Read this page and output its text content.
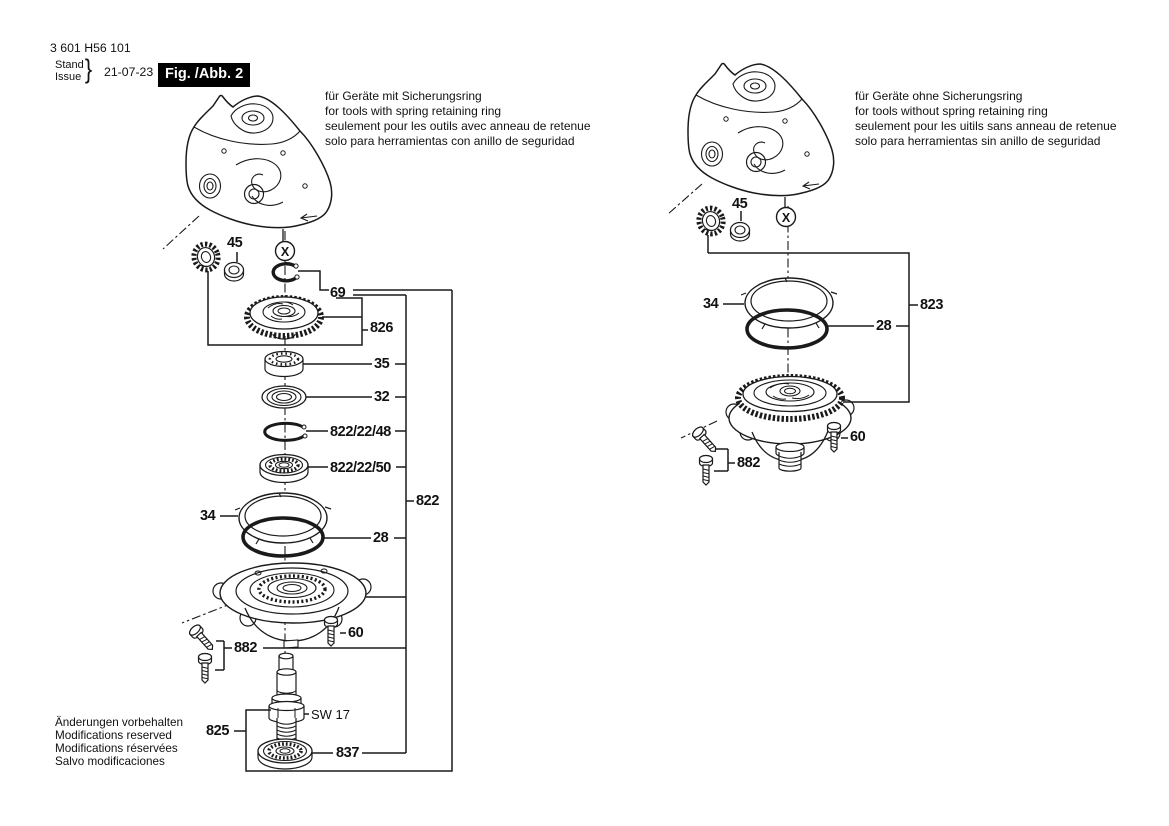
3 601 H56 101
Stand
Issue } 21-07-23 Fig. /Abb. 2
für Geräte mit Sicherungsring
for tools with spring retaining ring
seulement pour les outils avec anneau de retenue
solo para herramientas con anillo de seguridad
für Geräte ohne Sicherungsring
for tools without spring retaining ring
seulement pour les uitils sans anneau de retenue
solo para herramientas sin anillo de seguridad
45
X
69
826
35
32
822/22/48
822/22/50
34
28
822
60
882
825
SW 17
837
45
X
34
28
823
60
882
Änderungen vorbehalten
Modifications reserved
Modifications réservées
Salvo modificaciones
